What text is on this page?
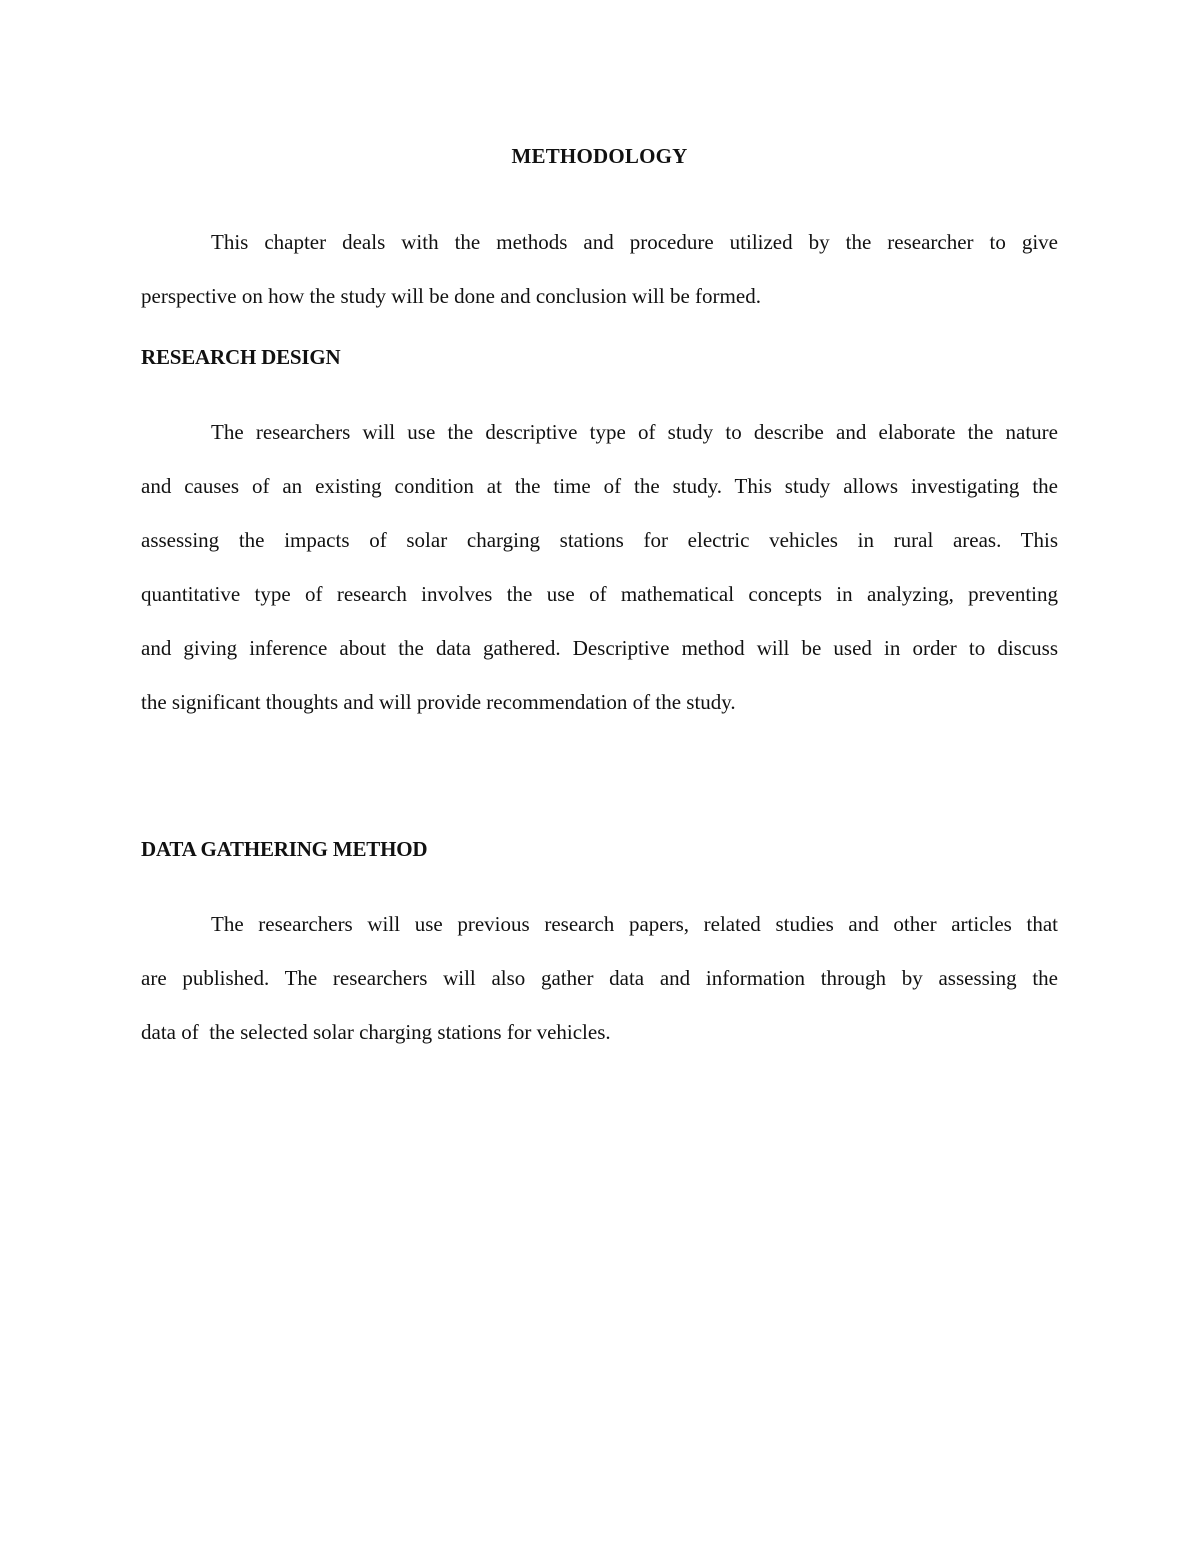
METHODOLOGY

This chapter deals with the methods and procedure utilized by the researcher to give
perspective on how the study will be done and conclusion will be formed.

RESEARCH DESIGN

The researchers will use the descriptive type of study to describe and elaborate the nature
and causes of an existing condition at the time of the study. This study allows investigating the
assessing the impacts of solar charging stations for electric vehicles in rural areas. This
quantitative type of research involves the use of mathematical concepts in analyzing, preventing
and giving inference about the data gathered. Descriptive method will be used in order to discuss
the significant thoughts and will provide recommendation of the study.

DATA GATHERING METHOD

The researchers will use previous research papers, related studies and other articles that
are published. The researchers will also gather data and information through by assessing the
data of  the selected solar charging stations for vehicles.
